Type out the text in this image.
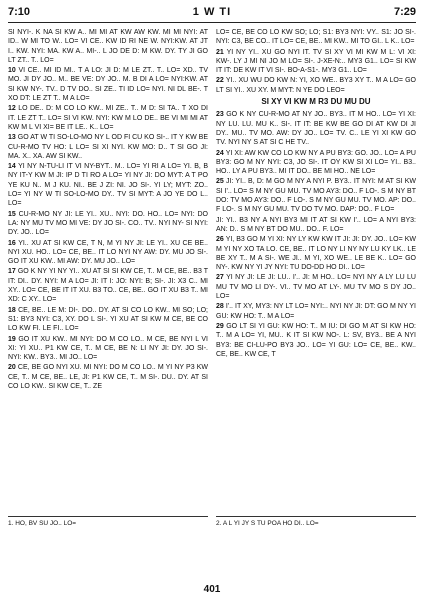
7:10	1 W TI	7:29

SI NYI-. K NA SI KW A.. MI MI AT KW AW KW. MI MI NYI: AT ID.. W MI TO W.. LO= VI CE.. KW ID RI NE W. NYI:KW. AT JT I.. KW. NYI: MA. KW A.. MI-.. L JO DE D: M KW. DY. TY JI GO LT ZT.. T.. LO=

10 VI CE.. MI ID MI.. T A LO: JI D: M LE ZT.. T.. LO= XD.. TV MO. JI DY JO.. M.. BE VE: DY JO.. M. B DI A LO= NYI:KW. AT SI KW NY-. TV.. D TV DO.. SI ZE.. TI ID LO= NYI. NI DL BE-. T XO DT: LE ZT T.. M A LO=

12 LO DE.. D: M CO LO KW.. MI ZE.. T.. M D: SI TA.. T XO DI IT. LE ZT T.. LO= SI VI KW. NYI: KW M LO DE.. BE VI MI MI AT KW M L VI XI= BE IT LE.. K.. LO=

13 GO AT W TI SO-LO-MO NY L OD FI CU KO SI-.. IT Y KW BE CU-R-MO TV HO: L LO= SI XI NYI. KW MO: D.. T SI GO JI: MA. X.. XA. AW SI KW..

14 YI NY N-TU-LI IT VI NY-BYT.. M.. LO= YI RI A LO= YI. B, B NY IT-Y KW M JI: IP D TI RO A LO= YI NY JI: DO MYT: A T PO YE KU N.. M J KU. NI.. BE J ZI: NI. JO SI-. YI LY; MYT: ZO.. LO= YI NY W TI SO-LO-MO DY.. TV SI MYT: A JO YE DO L.. LO=

15 CU-R-MO NY JI: LE YI.. XU.. NYI: DO. HO.. LO= NYI: DO LA: NY MU TV MO MI VE: DY JO SI-. CO.. TV.. NYI NY- SI NYI: DY. JO.. LO=

16 YI.. XU AT SI KW CE, T N, M YI NY JI: LE YI.. XU CE BE.. NYI XU. HO.. LO= CE, BE.. IT LO NYI NY AW: DY. MU JO SI-. GO IT XU KW.. MI AW: DY. MU JO.. LO=

17 GO K NY YI NY YI.. XU AT SI SI KW CE, T.. M CE, BE.. B3 T IT: DI.. DY. NYI: M A LO= JI: IT I: JO: NYI: B; SI-. JI: X3 C.. MI XY.. LO= CE, BE IT IT XU. B3 TO.. CE, BE.. GO IT XU B3 T.. MI XD: C XY.. LO=

18 CE, BE.. LE M: DI-. DO.. DY. AT SI CO LO KW.. MI SO; LO; S1: BY3 NYI: C3, XY. DO L SI-. YI XU AT SI KW M CE, BE CO LO KW FI. LE FI.. LO=

19 GO IT XU KW.. MI NYI: DO M CO LO.. M CE, BE NYI L VI XI: YI XU.. P1 KW CE, T.. M CE, BE N: LI NY JI: DY. JO SI-. NYI: KW.. BY3.. MI JO.. LO=

20 CE, BE GO NYI XU. MI NYI: DO M CO LO.. M YI NY P3 KW CE, T.. M CE, BE.. LE, JI: P1 KW CE, T.. M SI-. DU.. DY. AT SI CO LO KW.. SI KW CE, T.. ZE

LO= CE, BE CO LO KW SO; LO; S1: BY3 NYI: VY.. S1: JO SI-. NYI: C3, BE CO.. IT LO= CE, BE.. MI KW.. MI TO GI.. L K.. LO=

21 YI NY YI.. XU GO NYI IT. TV SI XY VI MI KW M L: VI XI: KW-. LY J MI NI JO M LO= SI-. J-XE-N:.. MY3 G1.. LO= SI KW IT IT: DE KW IT VI SI-. BO-A-S1-. MY3 G1.. LO=

22 YI.. XU WU DO KW N: YI, XO WE.. BY3 XY T.. M A LO= GO LT SI YI.. XU XY. M MYT: N YE DO LEO=

SI XY VI KW M R3 DU MU DU

23 GO K NY CU-R-MO AT NY JO.. BY3.. IT M HO.. LO= YI XI: NY LU. LU. MU K.. SI-. IT IT: BE KW BE GO DI AT KW DI JI DY.. MU.. TV MO. AW: DY JO.. LO= TV. C.. LE YI XI KW GO TV. NYI NY S AT SI C HE TV..

24 YI XI: AW KW CO LO KW NY A PU BY3: GO. JO.. LO= A PU BY3: GO M NY NYI: C3, JO SI-. IT OY KW SI XI LO= YI.. B3.. HO.. LY A PU BY3.. MI IT DO.. BE MI HO.. NE LO=

25 JI: YI.. B, D: M GO M NY A NYI P. BY3.. IT NYI: M AT SI KW SI I'.. LO= S M NY GU MU. TV MO AY3: DO.. F LO-. S M NY BT DO: TV MO AY3: DO.. F LO-. S M NY GU MU. TV MO. AP: DO.. F LO-. S M NY GU MU. TV DO TV MO. DAP: DO.. F LO=

JI: YI.. B3 NY A NYI BY3 MI IT AT SI KW I'.. LO= A NYI BY3: AN: D.. S M NY BT DO MU.. DO.. F. LO=

26 YI, B3 GO M YI XI: NY LY KW KW IT JI: JI: DY. JO.. LO= KW M YI NY XO TA LO. CE, BE.. IT LO NY LI NY NY LU KY LK.. LE BE XY T.. M A SI-. WE JI.. M YI, XO WE.. LE BE K.. LO= GO NY-. KW NY YI JY NYI: TU DO-DD HO DI.. LO=

27 YI NY JI: LE JI: LU.. I'.. JI: M HO.. LO= NYI NY A LY LU LU MU TV MO LI DY-. VI.. TV MO AT LY-. MU TV MO S DY JO.. LO=

28 I'.. IT XY, MY3: NY LT LO= NYI:.. NYI NY JI: DT: GO M NY YI GU: KW HO: T.. M A LO=

29 GO LT SI YI GU: KW HO: T.. M IU: DI GO M AT SI KW HO: T.. M A LO= YI, MU.. K IT SI KW NO-. L: SV, BY3.. BE A NYI BY3: BE CI-LU-PO BY3 JO.. LO= YI GU: LO= CE, BE.. KW.. CE, BE.. KW CE, T

1. HO, BV SU JO.. LO=	2. A L YI JY S TU POA HO DI.. LO=
401
